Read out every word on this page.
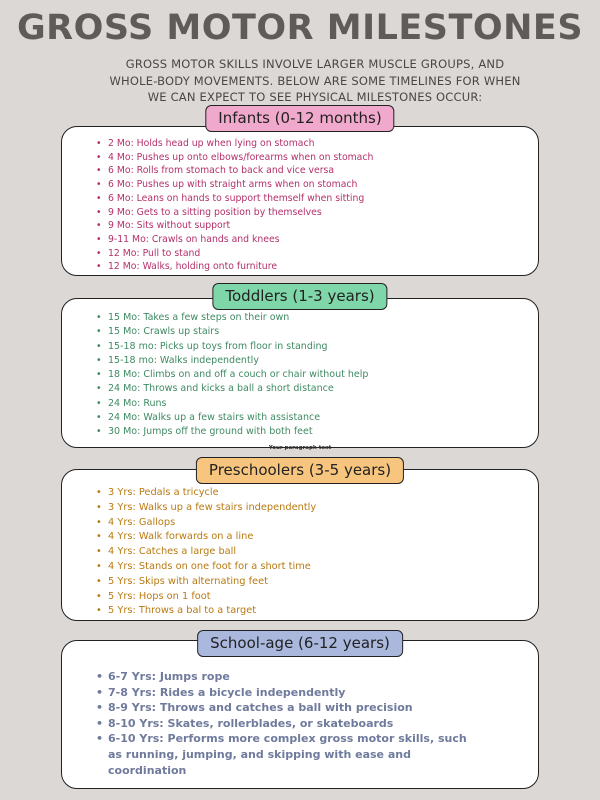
GROSS MOTOR MILESTONES

GROSS MOTOR SKILLS INVOLVE LARGER MUSCLE GROUPS, AND WHOLE-BODY MOVEMENTS. BELOW ARE SOME TIMELINES FOR WHEN WE CAN EXPECT TO SEE PHYSICAL MILESTONES OCCUR:

Infants (0-12 months)
• 2 Mo: Holds head up when lying on stomach
• 4 Mo: Pushes up onto elbows/forearms when on stomach
• 6 Mo: Rolls from stomach to back and vice versa
• 6 Mo: Pushes up with straight arms when on stomach
• 6 Mo: Leans on hands to support themself when sitting
• 9 Mo: Gets to a sitting position by themselves
• 9 Mo: Sits without support
• 9-11 Mo: Crawls on hands and knees
• 12 Mo: Pull to stand
• 12 Mo: Walks, holding onto furniture
Toddlers (1-3 years)
• 15 Mo: Takes a few steps on their own
• 15 Mo: Crawls up stairs
• 15-18 mo: Picks up toys from floor in standing
• 15-18 mo: Walks independently
• 18 Mo: Climbs on and off a couch or chair without help
• 24 Mo: Throws and kicks a ball a short distance
• 24 Mo: Runs
• 24 Mo: Walks up a few stairs with assistance
• 30 Mo: Jumps off the ground with both feet
Your paragraph text
Preschoolers (3-5 years)
• 3 Yrs: Pedals a tricycle
• 3 Yrs: Walks up a few stairs independently
• 4 Yrs: Gallops
• 4 Yrs: Walk forwards on a line
• 4 Yrs: Catches a large ball
• 4 Yrs: Stands on one foot for a short time
• 5 Yrs: Skips with alternating feet
• 5 Yrs: Hops on 1 foot
• 5 Yrs: Throws a bal to a target
School-age (6-12 years)
• 6-7 Yrs: Jumps rope
• 7-8 Yrs: Rides a bicycle independently
• 8-9 Yrs: Throws and catches a ball with precision
• 8-10 Yrs: Skates, rollerblades, or skateboards
• 6-10 Yrs: Performs more complex gross motor skills, such as running, jumping, and skipping with ease and coordination
